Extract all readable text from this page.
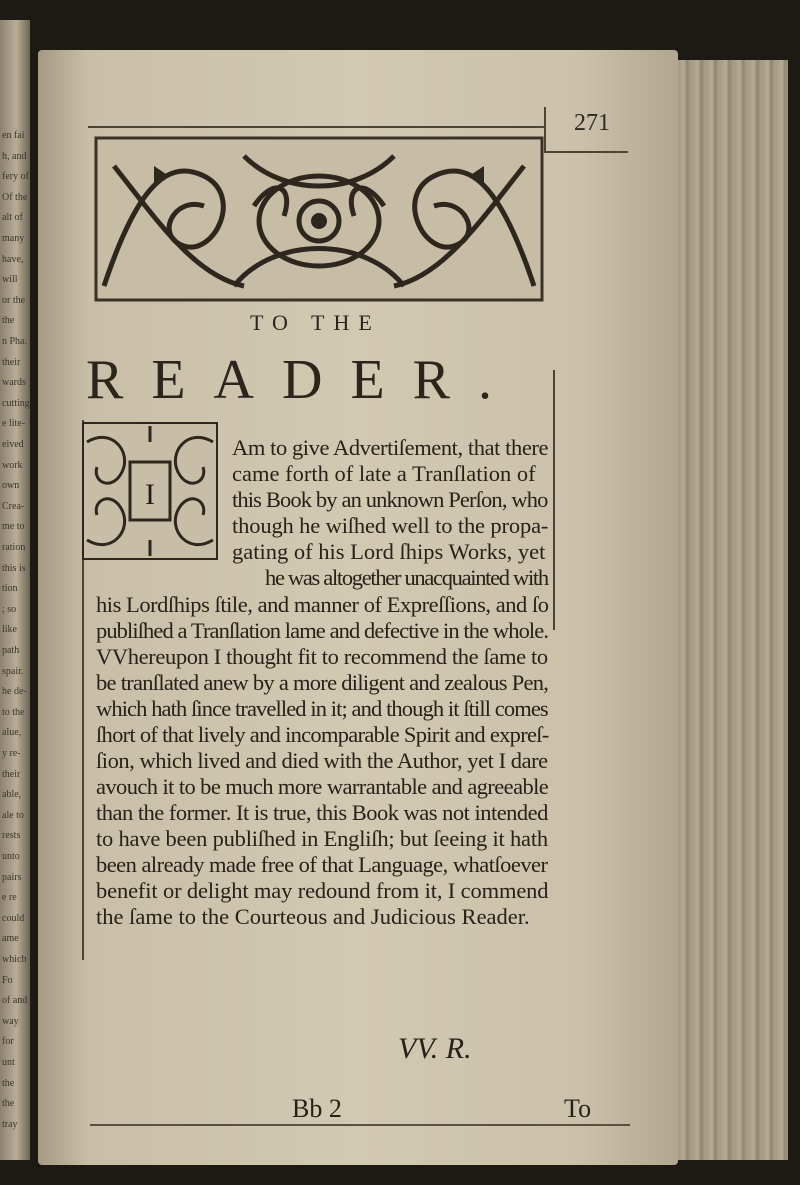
en fai
h, and
fery of
Of the
alt of
many
have,
will
or the
the
n Pha.
their
wards
cutting
e lite-
eived
work
own
Crea-
me to
ration
this is
tion
; so
like
path
spair.
he de-
to the
alue,
y re-
their
able,
ale to
rests
unto
pairs
e re
could
ame
which
Fo
of and
way
for
unt
the
the
tray
271
TO THE
READER.
I
Am to give Advertiſement, that there
came forth of late a Tranſlation of
this Book by an unknown Perſon, who
though he wiſhed well to the propa-
gating of his Lord ſhips Works, yet
he was altogether unacquainted with
his Lordſhips ſtile, and manner of Expreſſions, and ſo
publiſhed a Tranſlation lame and defective in the whole.
VVhereupon I thought fit to recommend the ſame to
be tranſlated anew by a more diligent and zealous Pen,
which hath ſince travelled in it; and though it ſtill comes
ſhort of that lively and incomparable Spirit and expreſ-
ſion, which lived and died with the Author, yet I dare
avouch it to be much more warrantable and agreeable
than the former. It is true, this Book was not intended
to have been publiſhed in Engliſh; but ſeeing it hath
been already made free of that Language, whatſoever
benefit or delight may redound from it, I commend
the ſame to the Courteous and Judicious Reader.
VV. R.
Bb 2	To
